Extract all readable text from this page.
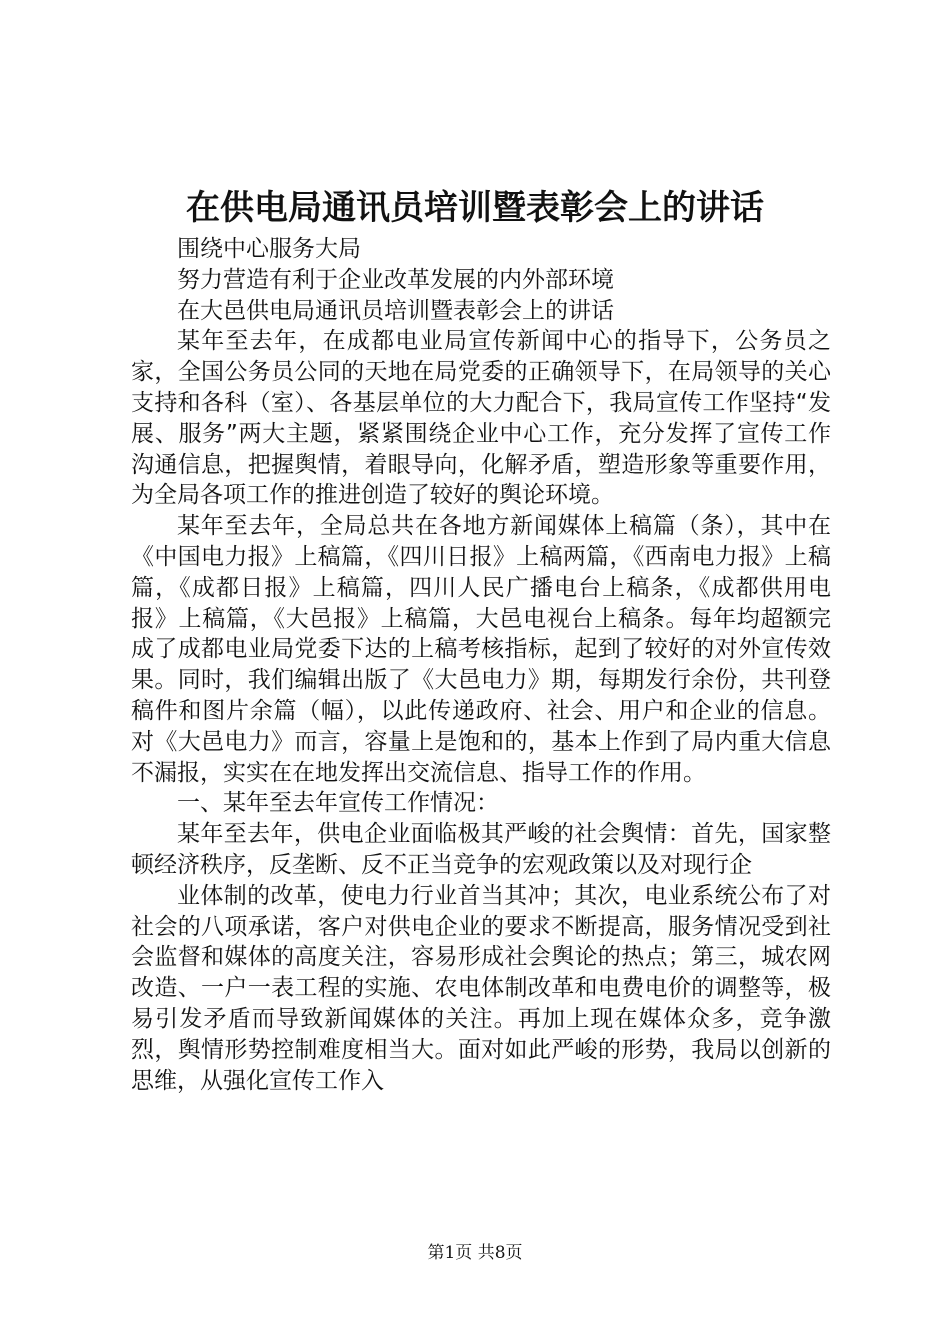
在供电局通讯员培训暨表彰会上的讲话

围绕中心服务大局

努力营造有利于企业改革发展的内外部环境

在大邑供电局通讯员培训暨表彰会上的讲话

某年至去年，在成都电业局宣传新闻中心的指导下，公务员之家，全国公务员公同的天地在局党委的正确领导下，在局领导的关心支持和各科（室）、各基层单位的大力配合下，我局宣传工作坚持“发展、服务”两大主题，紧紧围绕企业中心工作，充分发挥了宣传工作沟通信息，把握舆情，着眼导向，化解矛盾，塑造形象等重要作用，为全局各项工作的推进创造了较好的舆论环境。

某年至去年，全局总共在各地方新闻媒体上稿篇（条），其中在《中国电力报》上稿篇，《四川日报》上稿两篇，《西南电力报》上稿篇，《成都日报》上稿篇，四川人民广播电台上稿条，《成都供用电报》上稿篇，《大邑报》上稿篇，大邑电视台上稿条。每年均超额完成了成都电业局党委下达的上稿考核指标，起到了较好的对外宣传效果。同时，我们编辑出版了《大邑电力》期，每期发行余份，共刊登稿件和图片余篇（幅），以此传递政府、社会、用户和企业的信息。对《大邑电力》而言，容量上是饱和的，基本上作到了局内重大信息不漏报，实实在在地发挥出交流信息、指导工作的作用。

一、某年至去年宣传工作情况：

某年至去年，供电企业面临极其严峻的社会舆情：首先，国家整顿经济秩序，反垄断、反不正当竞争的宏观政策以及对现行企

业体制的改革，使电力行业首当其冲；其次，电业系统公布了对社会的八项承诺，客户对供电企业的要求不断提高，服务情况受到社会监督和媒体的高度关注，容易形成社会舆论的热点；第三，城农网改造、一户一表工程的实施、农电体制改革和电费电价的调整等，极易引发矛盾而导致新闻媒体的关注。再加上现在媒体众多，竞争激烈，舆情形势控制难度相当大。面对如此严峻的形势，我局以创新的思维，从强化宣传工作入

第1页 共8页
